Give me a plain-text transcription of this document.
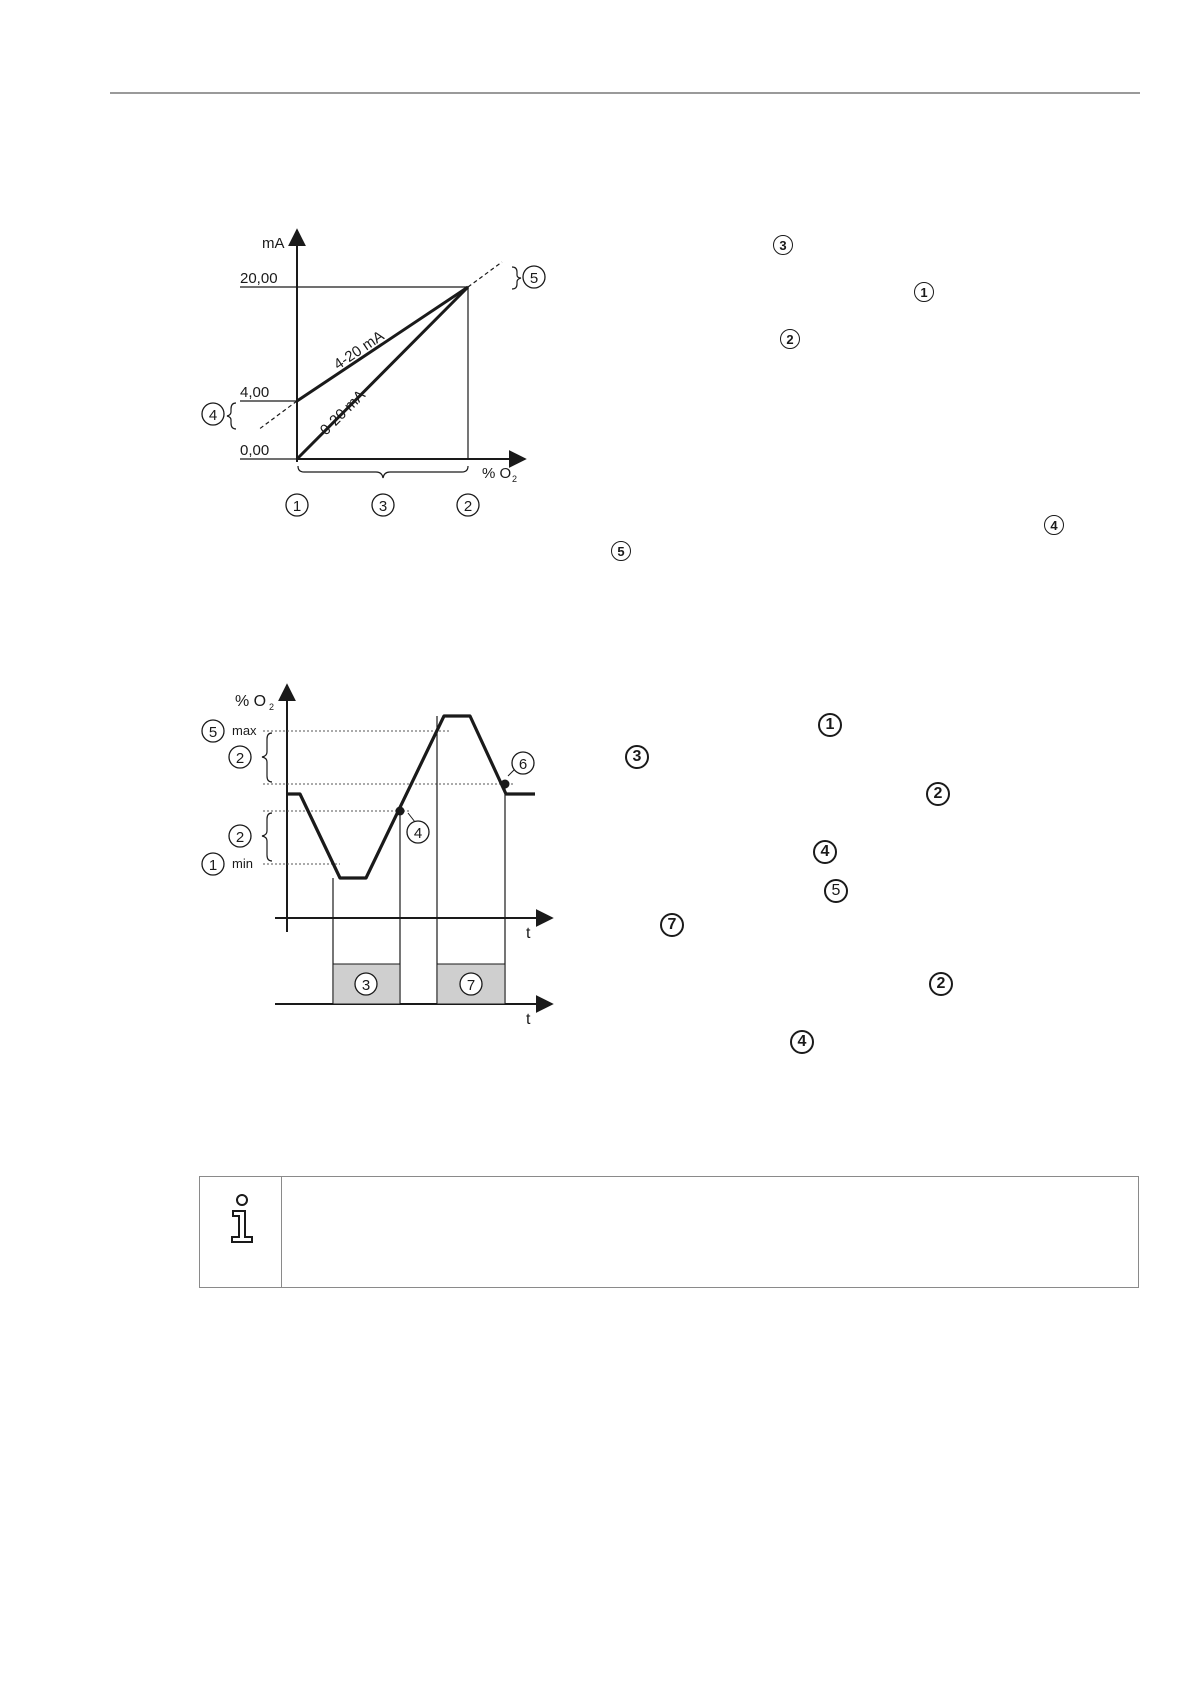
mA
20,00
4,00
0,00
4-20 mA
0-20 mA
% O 2
1	3	2
4
5
% O 2
t
t
max
min
5
2
2
1
4
6
3	7
3
1
2
4
5
1
3
2
4
5
7
2
4
